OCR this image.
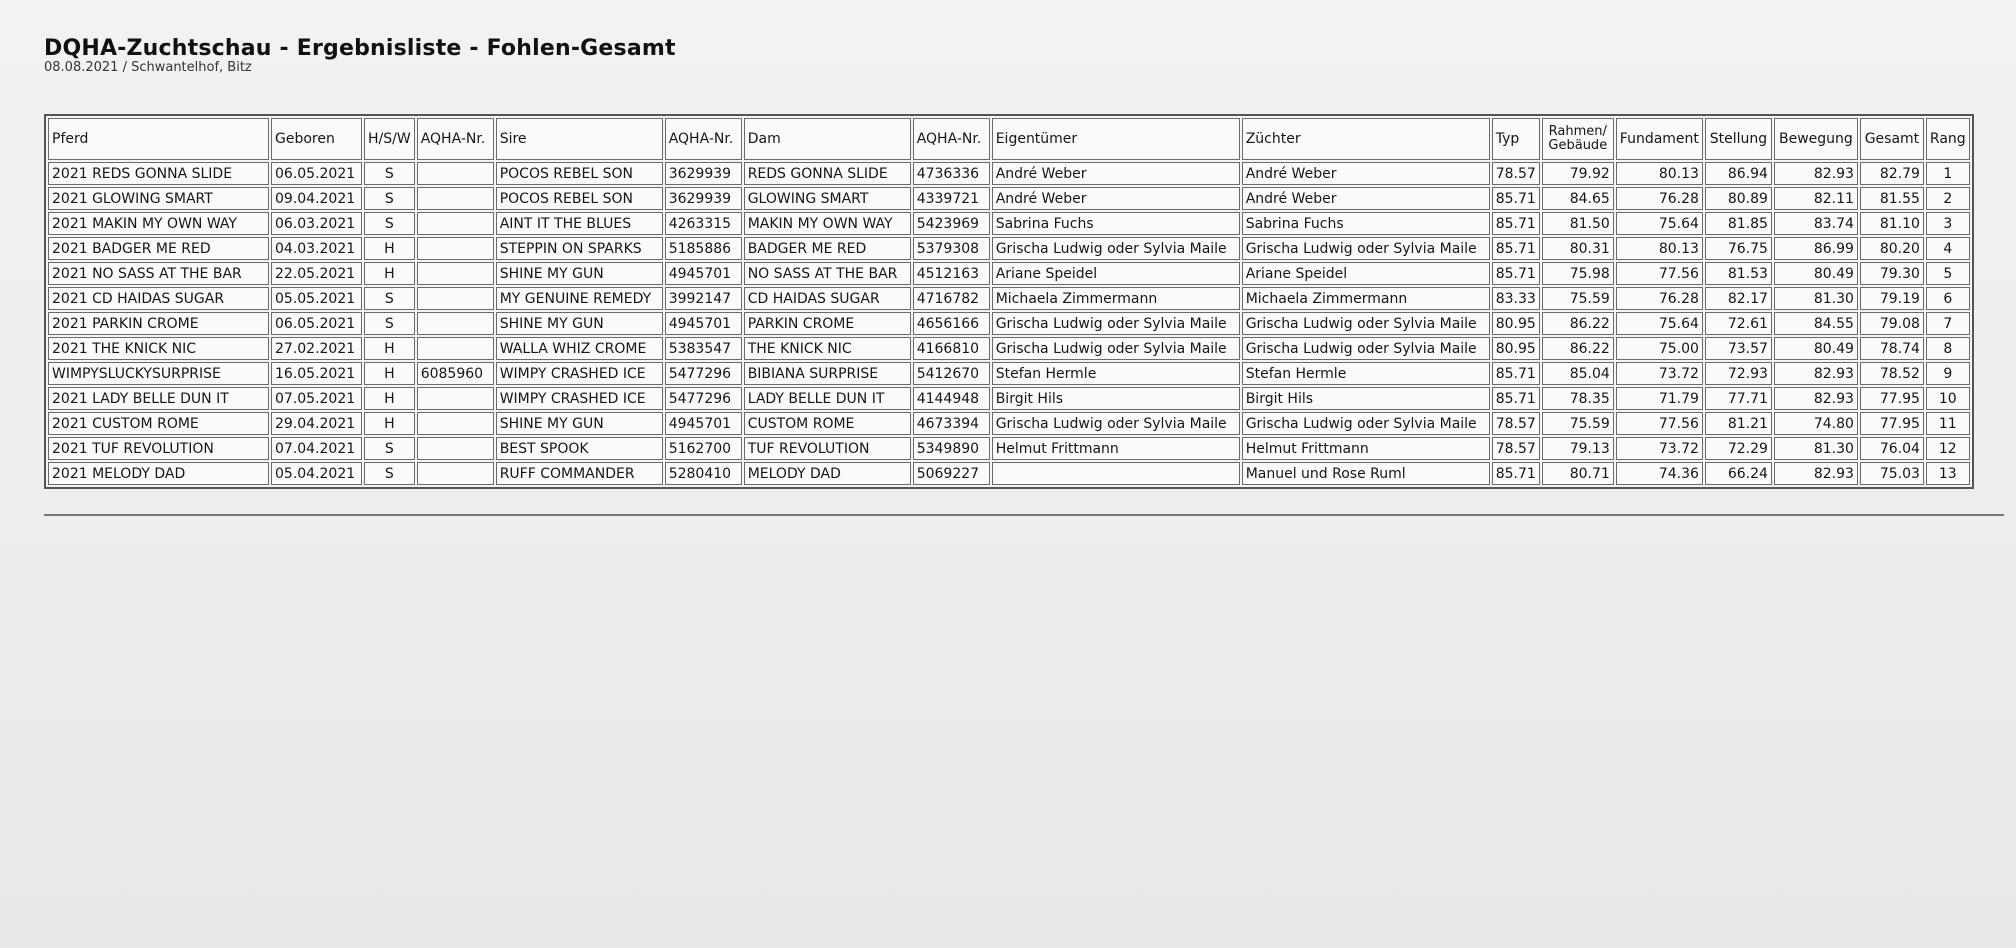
DQHA-Zuchtschau - Ergebnisliste - Fohlen-Gesamt
08.08.2021 / Schwantelhof, Bitz
Pferd	Geboren	H/S/W	AQHA-Nr.	Sire	AQHA-Nr.	Dam	AQHA-Nr.	Eigentümer	Züchter	Typ	Rahmen/
Gebäude	Fundament	Stellung	Bewegung	Gesamt	Rang
2021 REDS GONNA SLIDE	06.05.2021	S		POCOS REBEL SON	3629939	REDS GONNA SLIDE	4736336	André Weber	André Weber	78.57	79.92	80.13	86.94	82.93	82.79	1
2021 GLOWING SMART	09.04.2021	S		POCOS REBEL SON	3629939	GLOWING SMART	4339721	André Weber	André Weber	85.71	84.65	76.28	80.89	82.11	81.55	2
2021 MAKIN MY OWN WAY	06.03.2021	S		AINT IT THE BLUES	4263315	MAKIN MY OWN WAY	5423969	Sabrina Fuchs	Sabrina Fuchs	85.71	81.50	75.64	81.85	83.74	81.10	3
2021 BADGER ME RED	04.03.2021	H		STEPPIN ON SPARKS	5185886	BADGER ME RED	5379308	Grischa Ludwig oder Sylvia Maile	Grischa Ludwig oder Sylvia Maile	85.71	80.31	80.13	76.75	86.99	80.20	4
2021 NO SASS AT THE BAR	22.05.2021	H		SHINE MY GUN	4945701	NO SASS AT THE BAR	4512163	Ariane Speidel	Ariane Speidel	85.71	75.98	77.56	81.53	80.49	79.30	5
2021 CD HAIDAS SUGAR	05.05.2021	S		MY GENUINE REMEDY	3992147	CD HAIDAS SUGAR	4716782	Michaela Zimmermann	Michaela Zimmermann	83.33	75.59	76.28	82.17	81.30	79.19	6
2021 PARKIN CROME	06.05.2021	S		SHINE MY GUN	4945701	PARKIN CROME	4656166	Grischa Ludwig oder Sylvia Maile	Grischa Ludwig oder Sylvia Maile	80.95	86.22	75.64	72.61	84.55	79.08	7
2021 THE KNICK NIC	27.02.2021	H		WALLA WHIZ CROME	5383547	THE KNICK NIC	4166810	Grischa Ludwig oder Sylvia Maile	Grischa Ludwig oder Sylvia Maile	80.95	86.22	75.00	73.57	80.49	78.74	8
WIMPYSLUCKYSURPRISE	16.05.2021	H	6085960	WIMPY CRASHED ICE	5477296	BIBIANA SURPRISE	5412670	Stefan Hermle	Stefan Hermle	85.71	85.04	73.72	72.93	82.93	78.52	9
2021 LADY BELLE DUN IT	07.05.2021	H		WIMPY CRASHED ICE	5477296	LADY BELLE DUN IT	4144948	Birgit Hils	Birgit Hils	85.71	78.35	71.79	77.71	82.93	77.95	10
2021 CUSTOM ROME	29.04.2021	H		SHINE MY GUN	4945701	CUSTOM ROME	4673394	Grischa Ludwig oder Sylvia Maile	Grischa Ludwig oder Sylvia Maile	78.57	75.59	77.56	81.21	74.80	77.95	11
2021 TUF REVOLUTION	07.04.2021	S		BEST SPOOK	5162700	TUF REVOLUTION	5349890	Helmut Frittmann	Helmut Frittmann	78.57	79.13	73.72	72.29	81.30	76.04	12
2021 MELODY DAD	05.04.2021	S		RUFF COMMANDER	5280410	MELODY DAD	5069227		Manuel und Rose Ruml	85.71	80.71	74.36	66.24	82.93	75.03	13
